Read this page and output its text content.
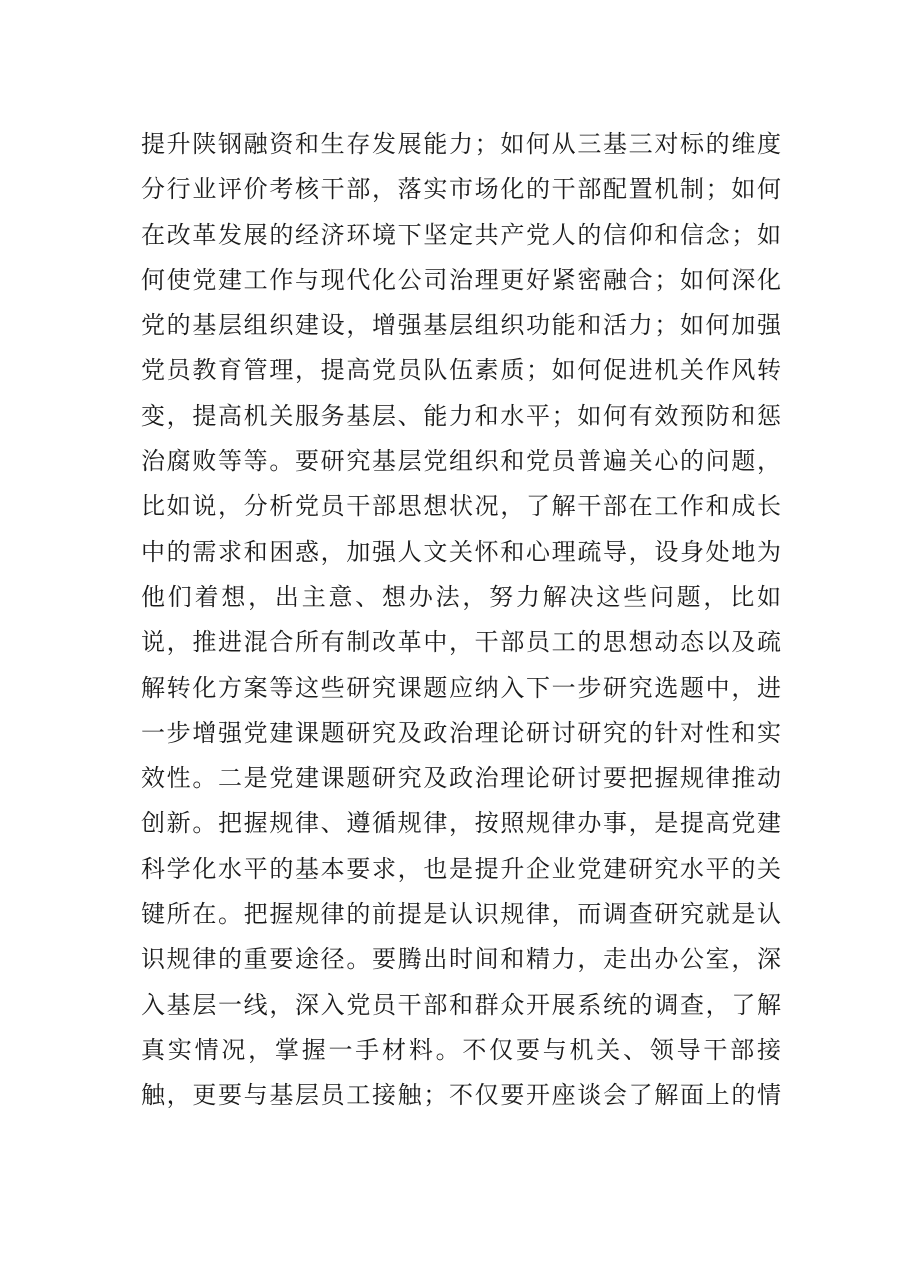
提升陕钢融资和生存发展能力；如何从三基三对标的维度
分行业评价考核干部，落实市场化的干部配置机制；如何
在改革发展的经济环境下坚定共产党人的信仰和信念；如
何使党建工作与现代化公司治理更好紧密融合；如何深化
党的基层组织建设，增强基层组织功能和活力；如何加强
党员教育管理，提高党员队伍素质；如何促进机关作风转
变，提高机关服务基层、能力和水平；如何有效预防和惩
治腐败等等。要研究基层党组织和党员普遍关心的问题，
比如说，分析党员干部思想状况，了解干部在工作和成长
中的需求和困惑，加强人文关怀和心理疏导，设身处地为
他们着想，出主意、想办法，努力解决这些问题，比如
说，推进混合所有制改革中，干部员工的思想动态以及疏
解转化方案等这些研究课题应纳入下一步研究选题中，进
一步增强党建课题研究及政治理论研讨研究的针对性和实
效性。二是党建课题研究及政治理论研讨要把握规律推动
创新。把握规律、遵循规律，按照规律办事，是提高党建
科学化水平的基本要求，也是提升企业党建研究水平的关
键所在。把握规律的前提是认识规律，而调查研究就是认
识规律的重要途径。要腾出时间和精力，走出办公室，深
入基层一线，深入党员干部和群众开展系统的调查，了解
真实情况，掌握一手材料。不仅要与机关、领导干部接
触，更要与基层员工接触；不仅要开座谈会了解面上的情
